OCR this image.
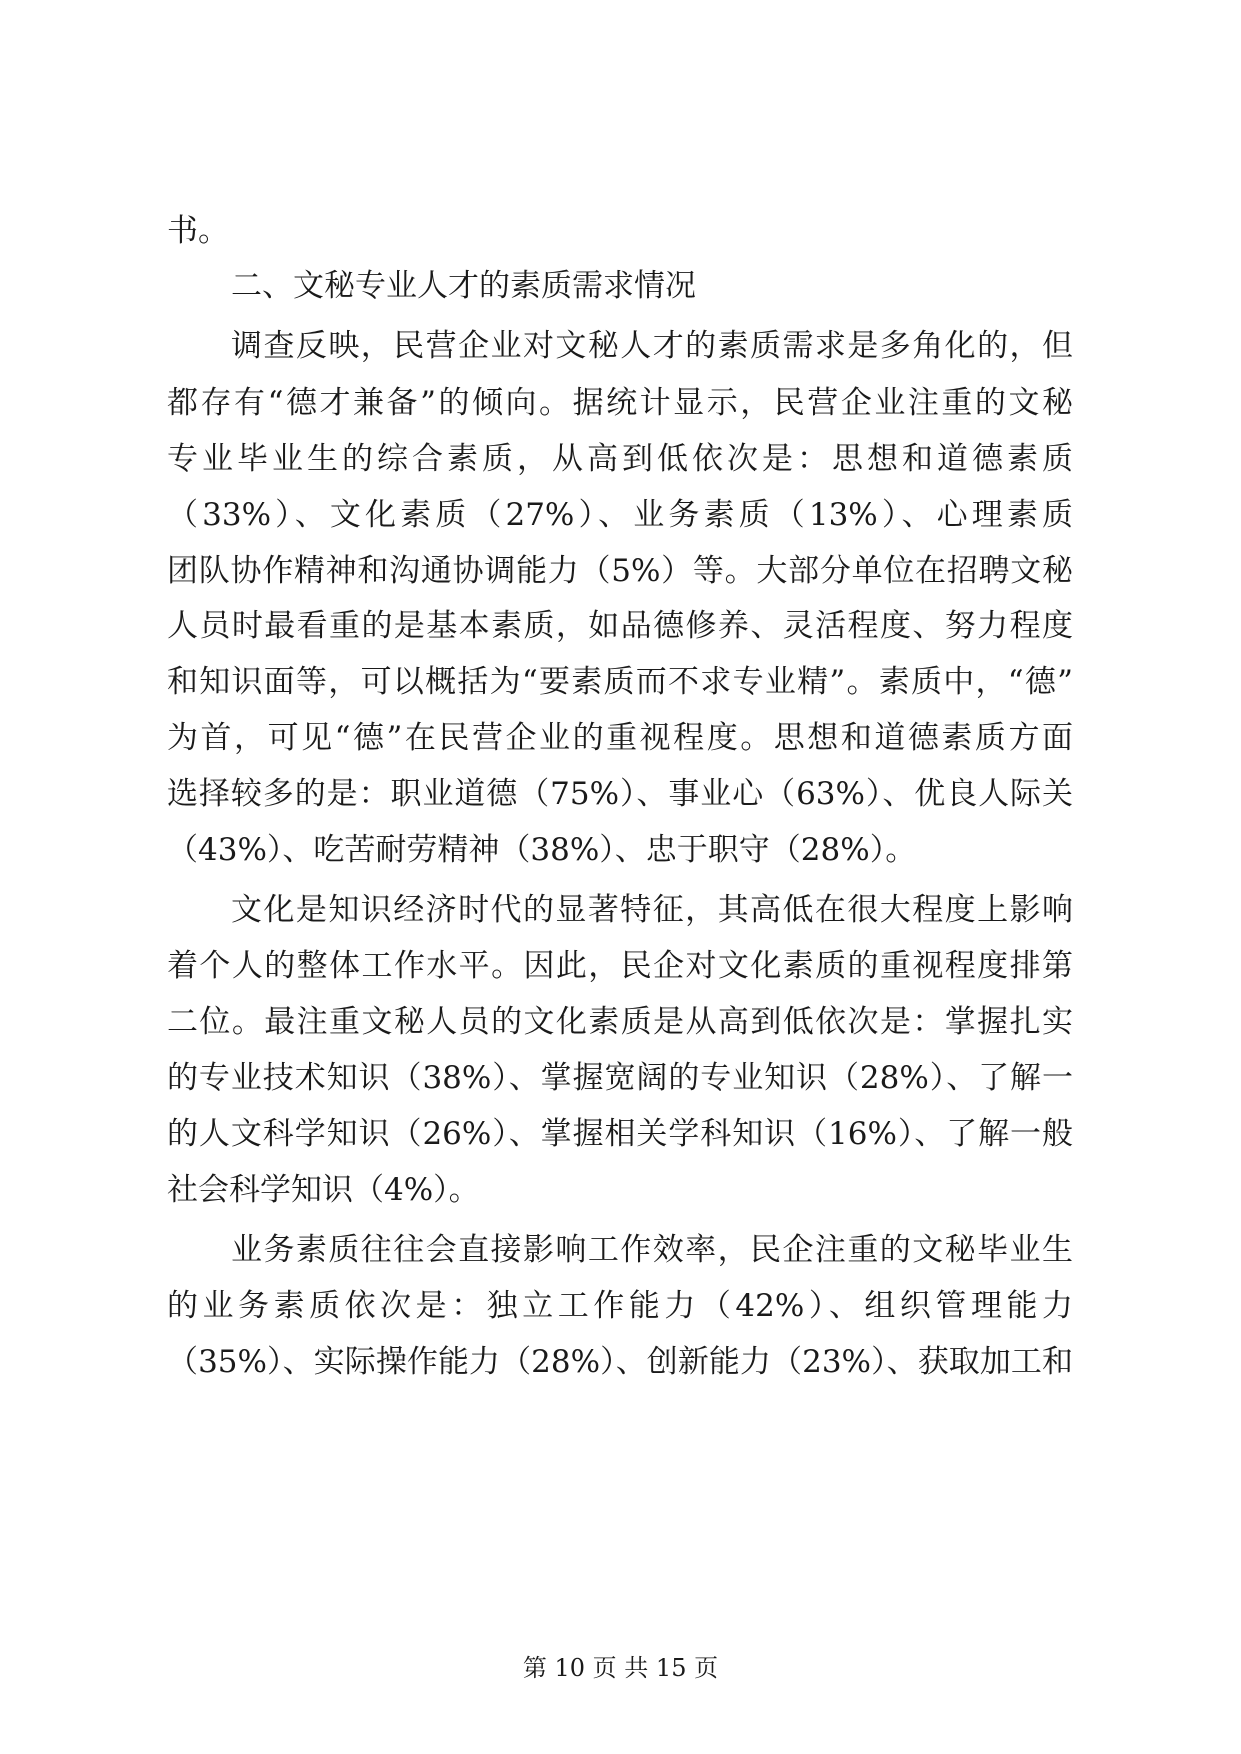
书。

二、文秘专业人才的素质需求情况

调查反映，民营企业对文秘人才的素质需求是多角化的，但

都存有“德才兼备”的倾向。据统计显示，民营企业注重的文秘

专业毕业生的综合素质，从高到低依次是：思想和道德素质

（33%）、文化素质（27%）、业务素质（13%）、心理素质

团队协作精神和沟通协调能力（5%）等。大部分单位在招聘文秘

人员时最看重的是基本素质，如品德修养、灵活程度、努力程度

和知识面等，可以概括为“要素质而不求专业精”。素质中，“德”

为首，可见“德”在民营企业的重视程度。思想和道德素质方面

选择较多的是：职业道德（75%）、事业心（63%）、优良人际关

（43%）、吃苦耐劳精神（38%）、忠于职守（28%）。

文化是知识经济时代的显著特征，其高低在很大程度上影响

着个人的整体工作水平。因此，民企对文化素质的重视程度排第

二位。最注重文秘人员的文化素质是从高到低依次是：掌握扎实

的专业技术知识（38%）、掌握宽阔的专业知识（28%）、了解一

的人文科学知识（26%）、掌握相关学科知识（16%）、了解一般

社会科学知识（4%）。

业务素质往往会直接影响工作效率，民企注重的文秘毕业生

的业务素质依次是：独立工作能力（42%）、组织管理能力

（35%）、实际操作能力（28%）、创新能力（23%）、获取加工和

第 10 页 共 15 页
